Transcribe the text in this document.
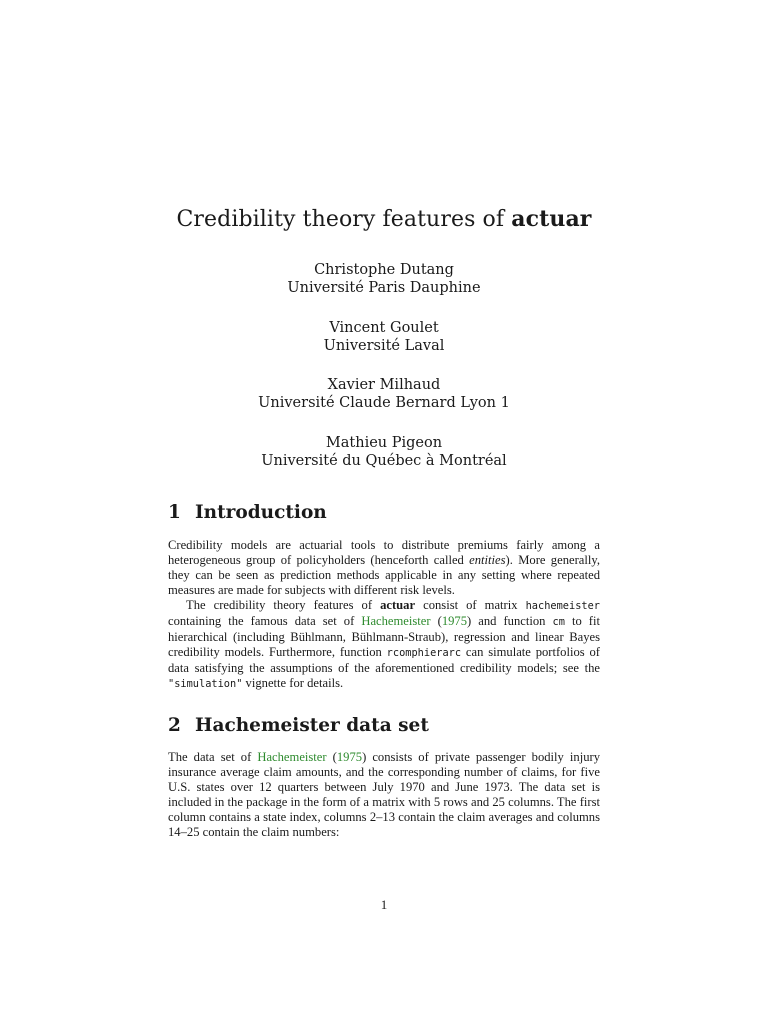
Credibility theory features of actuar
Christophe Dutang
Université Paris Dauphine
Vincent Goulet
Université Laval
Xavier Milhaud
Université Claude Bernard Lyon 1
Mathieu Pigeon
Université du Québec à Montréal
1 Introduction

Credibility models are actuarial tools to distribute premiums fairly among a heterogeneous group of policyholders (henceforth called entities). More generally, they can be seen as prediction methods applicable in any setting where repeated measures are made for subjects with different risk levels.

The credibility theory features of actuar consist of matrix hachemeister containing the famous data set of Hachemeister (1975) and function cm to fit hierarchical (including Bühlmann, Bühlmann-Straub), regression and linear Bayes credibility models. Furthermore, function rcomphierarc can simulate portfolios of data satisfying the assumptions of the aforementioned credibility models; see the "simulation" vignette for details.

2 Hachemeister data set

The data set of Hachemeister (1975) consists of private passenger bodily injury insurance average claim amounts, and the corresponding number of claims, for five U.S. states over 12 quarters between July 1970 and June 1973. The data set is included in the package in the form of a matrix with 5 rows and 25 columns. The first column contains a state index, columns 2–13 contain the claim averages and columns 14–25 contain the claim numbers:

1
